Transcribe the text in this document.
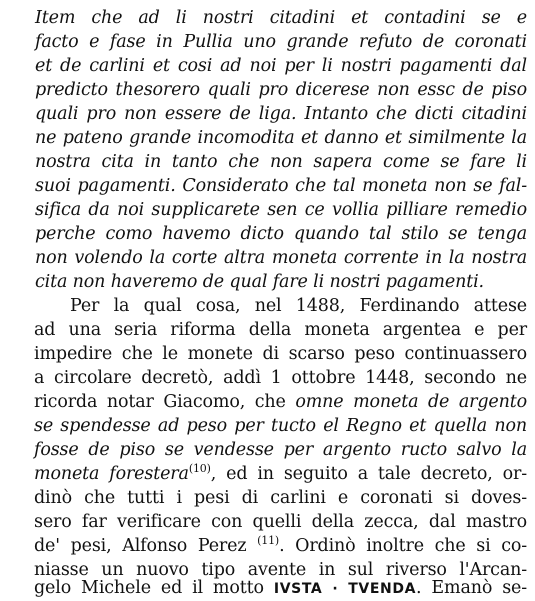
Item che ad li nostri citadini et contadini se e
facto e fase in Pullia uno grande refuto de coronati
et de carlini et cosi ad noi per li nostri pagamenti dal
predicto thesorero quali pro dicerese non essc de piso
quali pro non essere de liga. Intanto che dicti citadini
ne pateno grande incomodita et danno et similmente la
nostra cita in tanto che non sapera come se fare li
suoi pagamenti. Considerato che tal moneta non se fal-
sifica da noi supplicarete sen ce vollia pilliare remedio
perche como havemo dicto quando tal stilo se tenga
non volendo la corte altra moneta corrente in la nostra
cita non haveremo de qual fare li nostri pagamenti.
Per la qual cosa, nel 1488, Ferdinando attese
ad una seria riforma della moneta argentea e per
impedire che le monete di scarso peso continuassero
a circolare decretò, addì 1 ottobre 1448, secondo ne
ricorda notar Giacomo, che omne moneta de argento
se spendesse ad peso per tucto el Regno et quella non
fosse de piso se vendesse per argento ructo salvo la
moneta forestera$^{(10)}$, ed in seguito a tale decreto, or-
dinò che tutti i pesi di carlini e coronati si doves-
sero far verificare con quelli della zecca, dal mastro
de' pesi, Alfonso Perez $^{(11)}$. Ordinò inoltre che si co-
niasse un nuovo tipo avente in sul riverso l'Arcan-
gelo Michele ed il motto IVSTA · TVENDA. Emanò se-
